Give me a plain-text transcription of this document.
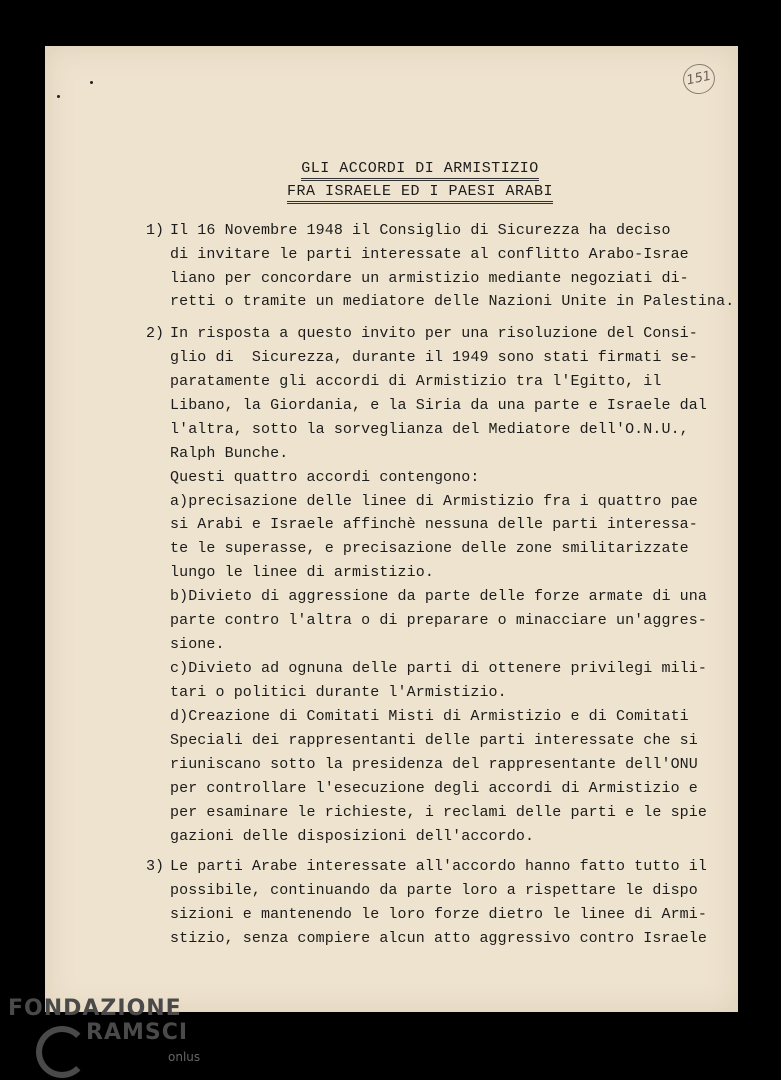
151
GLI ACCORDI DI ARMISTIZIO
FRA ISRAELE ED I PAESI ARABI
1) Il 16 Novembre 1948 il Consiglio di Sicurezza ha deciso
di invitare le parti interessate al conflitto Arabo-Israe
liano per concordare un armistizio mediante negoziati di-
retti o tramite un mediatore delle Nazioni Unite in Palestina.
2) In risposta a questo invito per una risoluzione del Consi-
glio di  Sicurezza, durante il 1949 sono stati firmati se-
paratamente gli accordi di Armistizio tra l'Egitto, il
Libano, la Giordania, e la Siria da una parte e Israele dal
l'altra, sotto la sorveglianza del Mediatore dell'O.N.U.,
Ralph Bunche.
Questi quattro accordi contengono:
a)precisazione delle linee di Armistizio fra i quattro pae
si Arabi e Israele affinchè nessuna delle parti interessa-
te le superasse, e precisazione delle zone smilitarizzate
lungo le linee di armistizio.
b)Divieto di aggressione da parte delle forze armate di una
parte contro l'altra o di preparare o minacciare un'aggres-
sione.
c)Divieto ad ognuna delle parti di ottenere privilegi mili-
tari o politici durante l'Armistizio.
d)Creazione di Comitati Misti di Armistizio e di Comitati
Speciali dei rappresentanti delle parti interessate che si
riuniscano sotto la presidenza del rappresentante dell'ONU
per controllare l'esecuzione degli accordi di Armistizio e
per esaminare le richieste, i reclami delle parti e le spie
gazioni delle disposizioni dell'accordo.
3) Le parti Arabe interessate all'accordo hanno fatto tutto il
possibile, continuando da parte loro a rispettare le dispo
sizioni e mantenendo le loro forze dietro le linee di Armi-
stizio, senza compiere alcun atto aggressivo contro Israele
FONDAZIONE
RAMSCI
onlus
